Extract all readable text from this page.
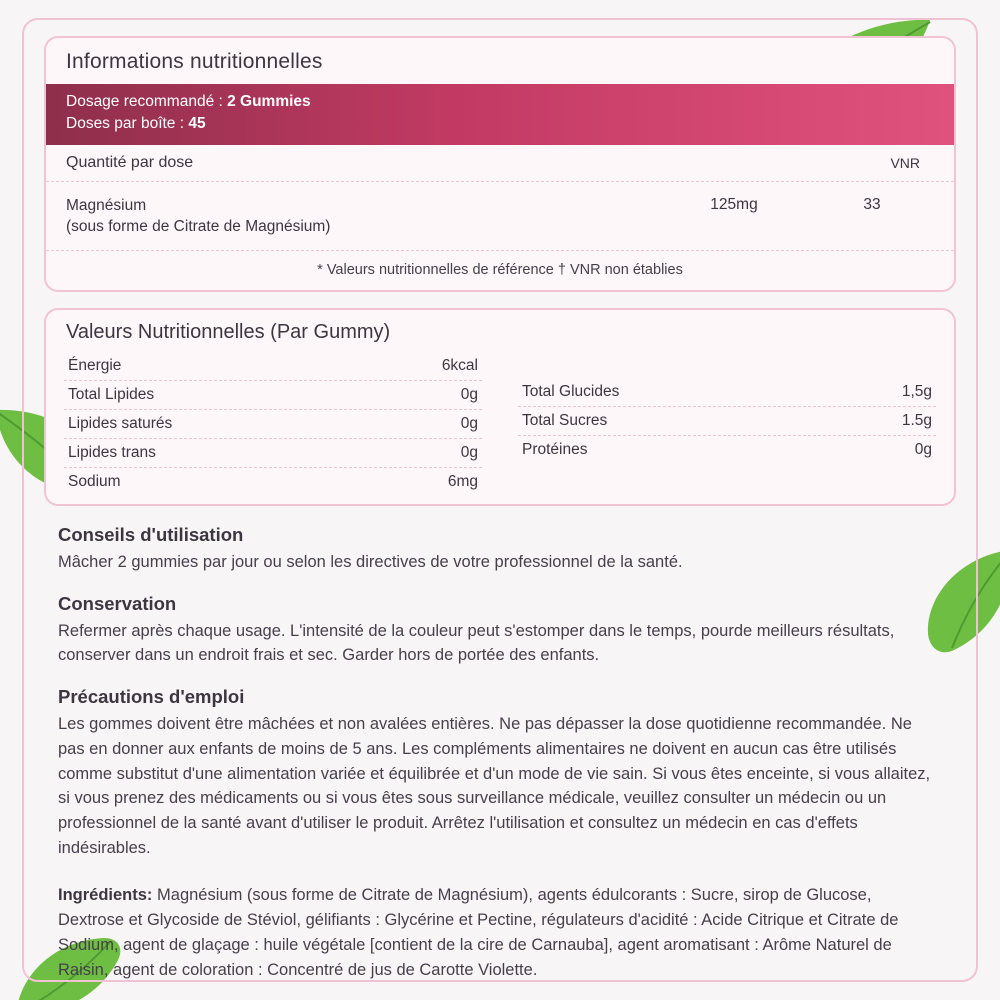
Informations nutritionnelles
Dosage recommandé : 2 Gummies
Doses par boîte : 45
Quantité par dose	VNR
Magnésium
(sous forme de Citrate de Magnésium)
125mg	33
* Valeurs nutritionnelles de référence † VNR non établies
Valeurs Nutritionnelles (Par Gummy)
Énergie	6kcal
Total Lipides	0g
Lipides saturés	0g
Lipides trans	0g
Sodium	6mg
Total Glucides	1,5g
Total Sucres	1.5g
Protéines	0g
Conseils d'utilisation

Mâcher 2 gummies par jour ou selon les directives de votre professionnel de la santé.

Conservation

Refermer après chaque usage. L'intensité de la couleur peut s'estomper dans le temps, pourde meilleurs résultats, conserver dans un endroit frais et sec. Garder hors de portée des enfants.

Précautions d'emploi

Les gommes doivent être mâchées et non avalées entières. Ne pas dépasser la dose quotidienne recommandée. Ne pas en donner aux enfants de moins de 5 ans. Les compléments alimentaires ne doivent en aucun cas être utilisés comme substitut d'une alimentation variée et équilibrée et d'un mode de vie sain. Si vous êtes enceinte, si vous allaitez, si vous prenez des médicaments ou si vous êtes sous surveillance médicale, veuillez consulter un médecin ou un professionnel de la santé avant d'utiliser le produit. Arrêtez l'utilisation et consultez un médecin en cas d'effets indésirables.

Ingrédients: Magnésium (sous forme de Citrate de Magnésium), agents édulcorants : Sucre, sirop de Glucose, Dextrose et Glycoside de Stéviol, gélifiants : Glycérine et Pectine, régulateurs d'acidité : Acide Citrique et Citrate de Sodium, agent de glaçage : huile végétale [contient de la cire de Carnauba], agent aromatisant : Arôme Naturel de Raisin, agent de coloration : Concentré de jus de Carotte Violette.
